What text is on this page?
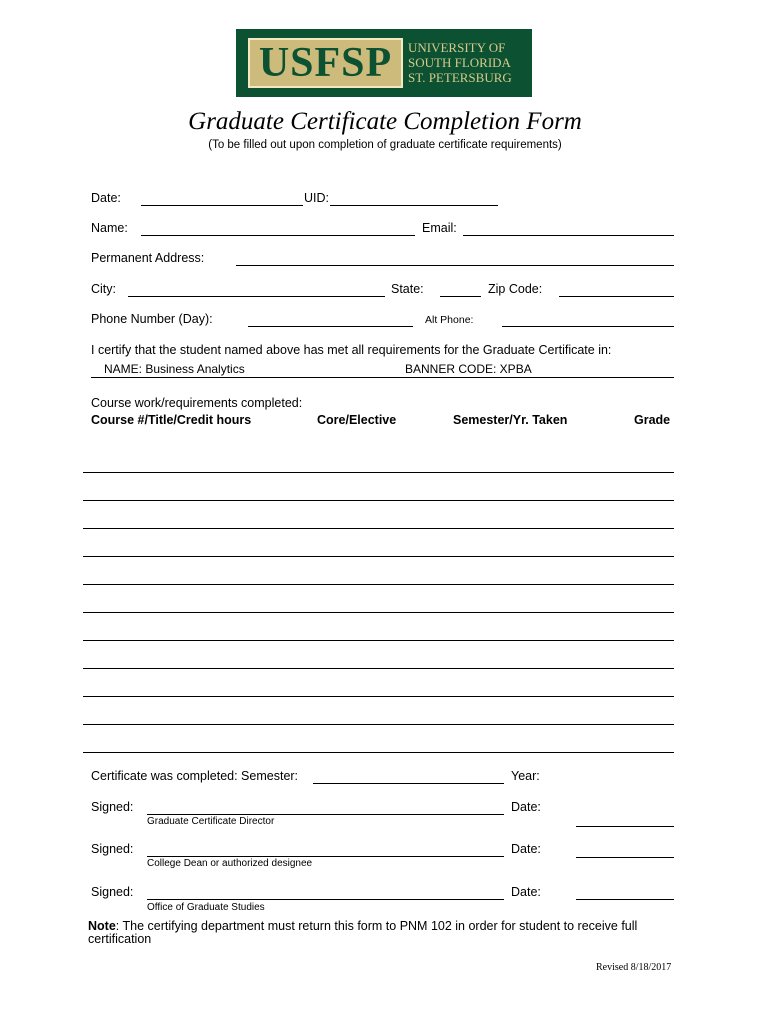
USFSP	UNIVERSITY OF
SOUTH FLORIDA
ST. PETERSBURG
Graduate Certificate Completion Form
(To be filled out upon completion of graduate certificate requirements)
Date:	UID:
Name:	Email:
Permanent Address:
City:	State:	Zip Code:
Phone Number (Day):	Alt Phone:
I certify that the student named above has met all requirements for the Graduate Certificate in:
NAME: Business Analytics	BANNER CODE: XPBA
Course work/requirements completed:
Course #/Title/Credit hours	Core/Elective	Semester/Yr. Taken	Grade
Certificate was completed: Semester:	Year:
Signed:	Date:
Graduate Certificate Director
Signed:	Date:
College Dean or authorized designee
Signed:	Date:
Office of Graduate Studies
Note: The certifying department must return this form to PNM 102 in order for student to receive full certification
Revised 8/18/2017
